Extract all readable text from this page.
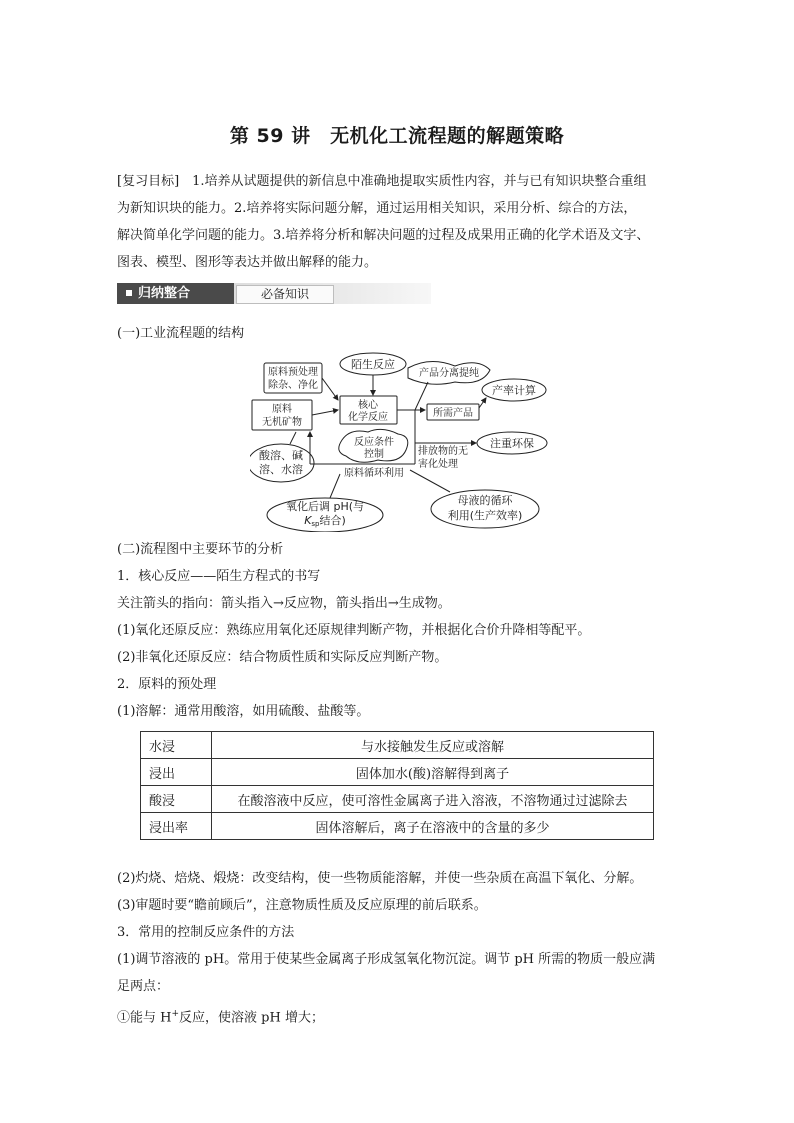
第 59 讲　无机化工流程题的解题策略
[复习目标]　1.培养从试题提供的新信息中准确地提取实质性内容，并与已有知识块整合重组
为新知识块的能力。2.培养将实际问题分解，通过运用相关知识，采用分析、综合的方法，
解决简单化学问题的能力。3.培养将分析和解决问题的过程及成果用正确的化学术语及文字、
图表、模型、图形等表达并做出解释的能力。
归纳整合	必备知识
(一)工业流程题的结构
原料预处理
除杂、净化
原料
无机矿物
陌生反应
核心
化学反应
产品分离提纯
产率计算
所需产品
酸溶、碱
溶、水溶
反应条件
控制	排放物的无
害化处理
注重环保
原料循环利用
氧化后调 pH(与
Ksp结合)
母液的循环
利用(生产效率)
(二)流程图中主要环节的分析
1．核心反应——陌生方程式的书写
关注箭头的指向：箭头指入→反应物，箭头指出→生成物。
(1)氧化还原反应：熟练应用氧化还原规律判断产物，并根据化合价升降相等配平。
(2)非氧化还原反应：结合物质性质和实际反应判断产物。
2．原料的预处理
(1)溶解：通常用酸溶，如用硫酸、盐酸等。
水浸	与水接触发生反应或溶解
浸出	固体加水(酸)溶解得到离子
酸浸	在酸溶液中反应，使可溶性金属离子进入溶液，不溶物通过过滤除去
浸出率	固体溶解后，离子在溶液中的含量的多少
(2)灼烧、焙烧、煅烧：改变结构，使一些物质能溶解，并使一些杂质在高温下氧化、分解。
(3)审题时要“瞻前顾后”，注意物质性质及反应原理的前后联系。
3．常用的控制反应条件的方法
(1)调节溶液的 pH。常用于使某些金属离子形成氢氧化物沉淀。调节 pH 所需的物质一般应满
足两点：
①能与 H+反应，使溶液 pH 增大；
